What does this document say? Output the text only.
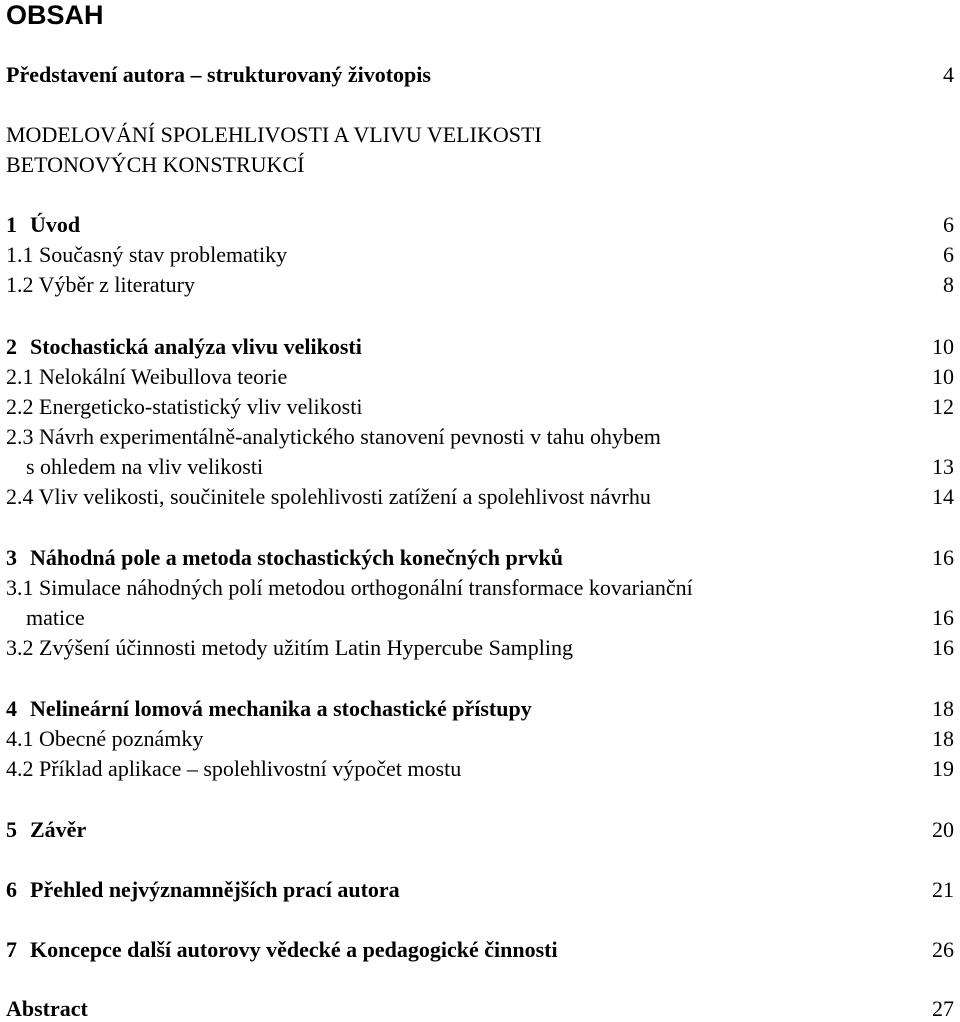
OBSAH
Představení autora – strukturovaný životopis	4
MODELOVÁNÍ SPOLEHLIVOSTI A VLIVU VELIKOSTI
BETONOVÝCH KONSTRUKCÍ
1 Úvod	6
1.1 Současný stav problematiky	6
1.2 Výběr z literatury	8
2 Stochastická analýza vlivu velikosti	10
2.1 Nelokální Weibullova teorie	10
2.2 Energeticko-statistický vliv velikosti	12
2.3 Návrh experimentálně-analytického stanovení pevnosti v tahu ohybem
s ohledem na vliv velikosti	13
2.4 Vliv velikosti, součinitele spolehlivosti zatížení a spolehlivost návrhu	14
3 Náhodná pole a metoda stochastických konečných prvků	16
3.1 Simulace náhodných polí metodou orthogonální transformace kovarianční
matice	16
3.2 Zvýšení účinnosti metody užitím Latin Hypercube Sampling	16
4 Nelineární lomová mechanika a stochastické přístupy	18
4.1 Obecné poznámky	18
4.2 Příklad aplikace – spolehlivostní výpočet mostu	19
5 Závěr	20
6 Přehled nejvýznamnějších prací autora	21
7 Koncepce další autorovy vědecké a pedagogické činnosti	26
Abstract	27
